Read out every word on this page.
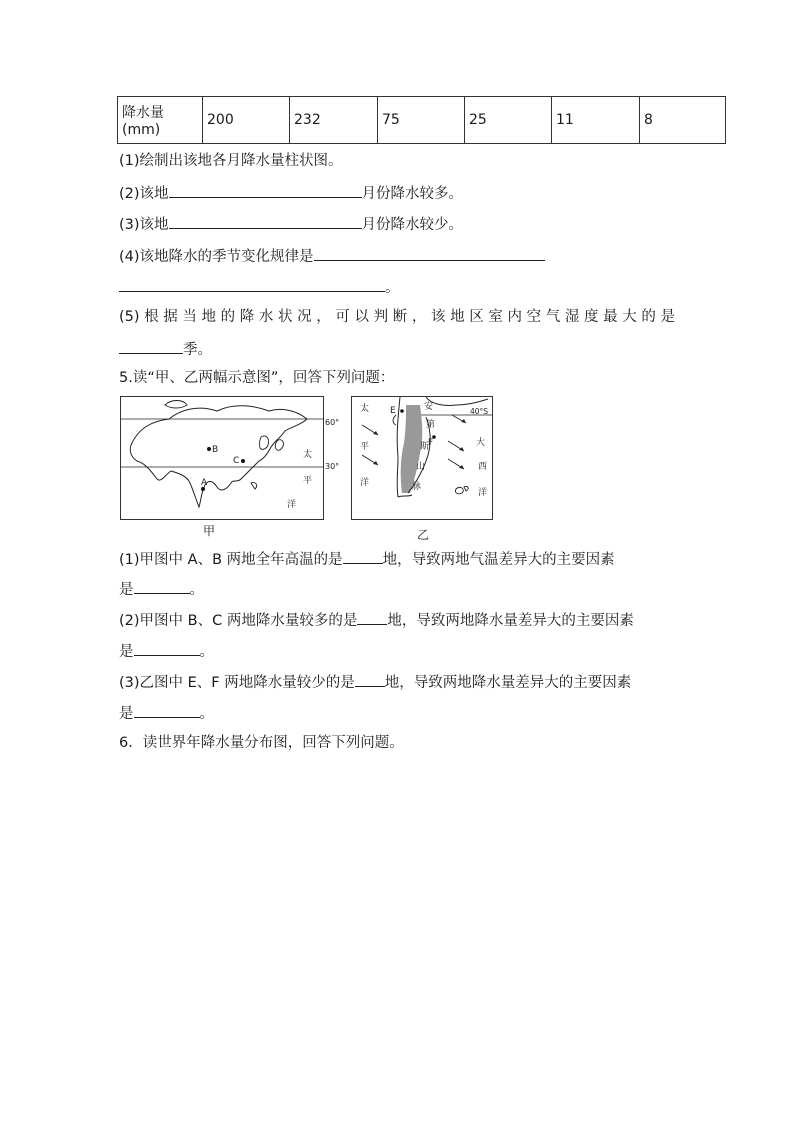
降水量(mm)	200	232	75	25	11	8
(1)绘制出该地各月降水量柱状图。
(2)该地	月份降水较多。
(3)该地	月份降水较少。
(4)该地降水的季节变化规律是
。
(5)根据当地的降水状况，可以判断，该地区室内空气湿度最大的是
季。
5.读“甲、乙两幅示意图”，回答下列问题：
B
C
A
太
平
洋
甲
60°
30°
E
F
太
平
洋
安
第
斯
山
脉
大
西
洋
40°S
乙
(1)甲图中 A、B 两地全年高温的是	地，导致两地气温差异大的主要因素
是	。
(2)甲图中 B、C 两地降水量较多的是 地，导致两地降水量差异大的主要因素
是	。
(3)乙图中 E、F 两地降水量较少的是 地，导致两地降水量差异大的主要因素
是	。
6．读世界年降水量分布图，回答下列问题。
